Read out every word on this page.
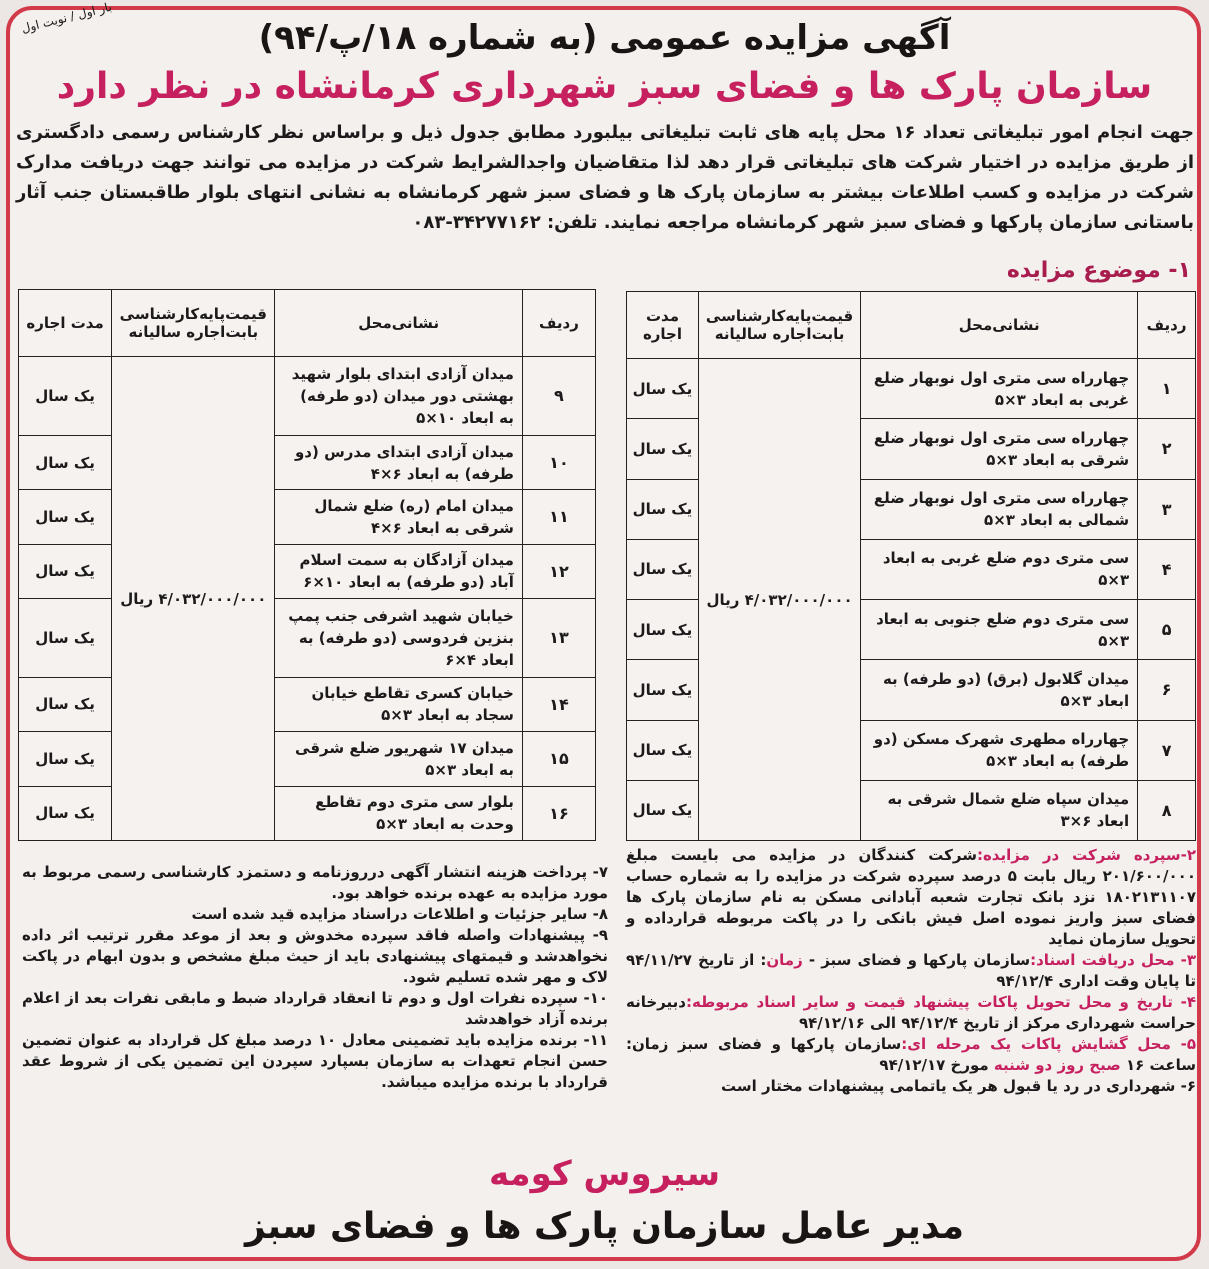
بار اول / نوبت اول
آگهی مزایده عمومی (به شماره ۱۸/پ/۹۴)
سازمان پارک ها و فضای سبز شهرداری کرمانشاه در نظر دارد
جهت انجام امور تبلیغاتی تعداد ۱۶ محل پایه های ثابت تبلیغاتی بیلبورد مطابق جدول ذیل و براساس نظر کارشناس رسمی دادگستری از طریق مزایده در اختیار شرکت های تبلیغاتی قرار دهد لذا متقاضیان واجدالشرایط شرکت در مزایده می توانند جهت دریافت مدارک شرکت در مزایده و کسب اطلاعات بیشتر به سازمان پارک ها و فضای سبز شهر کرمانشاه به نشانی انتهای بلوار طاقبستان جنب آثار باستانی سازمان پارکها و فضای سبز شهر کرمانشاه مراجعه نمایند. تلفن: ۳۴۲۷۷۱۶۲-۰۸۳
۱- موضوع مزایده
ردیف	نشانی‌محل	قیمت‌پایه‌کارشناسی بابت‌اجاره سالیانه	مدت اجاره
۱	چهارراه سی متری اول نوبهار ضلع غربی به ابعاد ۳×۵	۴/۰۳۲/۰۰۰/۰۰۰ ریال	یک سال
۲	چهارراه سی متری اول نوبهار ضلع شرقی به ابعاد ۳×۵		یک سال
۳	چهارراه سی متری اول نوبهار ضلع شمالی به ابعاد ۳×۵		یک سال
۴	سی متری دوم ضلع غربی به ابعاد ۳×۵		یک سال
۵	سی متری دوم ضلع جنوبی به ابعاد ۳×۵		یک سال
۶	میدان گلابول (برق) (دو طرفه) به ابعاد ۳×۵		یک سال
۷	چهارراه مطهری شهرک مسکن (دو طرفه) به ابعاد ۳×۵		یک سال
۸	میدان سپاه ضلع شمال شرقی به ابعاد ۶×۳		یک سال
ردیف	نشانی‌محل	قیمت‌پایه‌کارشناسی بابت‌اجاره سالیانه	مدت اجاره
۹	میدان آزادی ابتدای بلوار شهید بهشتی دور میدان (دو طرفه) به ابعاد ۱۰×۵	۴/۰۳۲/۰۰۰/۰۰۰ ریال	یک سال
۱۰	میدان آزادی ابتدای مدرس (دو طرفه) به ابعاد ۶×۴		یک سال
۱۱	میدان امام (ره) ضلع شمال شرقی به ابعاد ۶×۴		یک سال
۱۲	میدان آزادگان به سمت اسلام آباد (دو طرفه) به ابعاد ۱۰×۶		یک سال
۱۳	خیابان شهید اشرفی جنب پمپ بنزین فردوسی (دو طرفه) به ابعاد ۴×۶		یک سال
۱۴	خیابان کسری تقاطع خیابان سجاد به ابعاد ۳×۵		یک سال
۱۵	میدان ۱۷ شهریور ضلع شرقی به ابعاد ۳×۵		یک سال
۱۶	بلوار سی متری دوم تقاطع وحدت به ابعاد ۳×۵		یک سال

۲-سپرده شرکت در مزایده:شرکت کنندگان در مزایده می بایست مبلغ ۲۰۱/۶۰۰/۰۰۰ ریال بابت ۵ درصد سپرده شرکت در مزایده را به شماره حساب ۱۸۰۲۱۳۱۱۰۷ نزد بانک تجارت شعبه آبادانی مسکن به نام سازمان پارک ها فضای سبز واریز نموده اصل فیش بانکی را در پاکت مربوطه قرارداده و تحویل سازمان نماید

۳- محل دریافت اسناد:سازمان پارکها و فضای سبز - زمان: از تاریخ ۹۴/۱۱/۲۷ تا پایان وقت اداری ۹۴/۱۲/۴

۴- تاریخ و محل تحویل پاکات پیشنهاد قیمت و سایر اسناد مربوطه:دبیرخانه حراست شهرداری مرکز از تاریخ ۹۴/۱۲/۴ الی ۹۴/۱۲/۱۶

۵- محل گشایش پاکات یک مرحله ای:سازمان پارکها و فضای سبز زمان: ساعت ۱۶ صبح روز دو شنبه مورخ ۹۴/۱۲/۱۷

۶- شهرداری در رد یا قبول هر یک یاتمامی پیشنهادات مختار است

۷- پرداخت هزینه انتشار آگهی درروزنامه و دستمزد کارشناسی رسمی مربوط به مورد مزایده به عهده برنده خواهد بود.

۸- سایر جزئیات و اطلاعات دراسناد مزایده قید شده است

۹- پیشنهادات واصله فاقد سپرده مخدوش و بعد از موعد مقرر ترتیب اثر داده نخواهدشد و قیمتهای پیشنهادی باید از حیث مبلغ مشخص و بدون ابهام در پاکت لاک و مهر شده تسلیم شود.

۱۰- سپرده نفرات اول و دوم تا انعقاد قرارداد ضبط و مابقی نفرات بعد از اعلام برنده آزاد خواهدشد

۱۱- برنده مزایده باید تضمینی معادل ۱۰ درصد مبلغ کل قرارداد به عنوان تضمین حسن انجام تعهدات به سازمان بسپارد سپردن این تضمین یکی از شروط عقد قرارداد با برنده مزایده میباشد.

سیروس کومه
مدیر عامل سازمان پارک ها و فضای سبز
